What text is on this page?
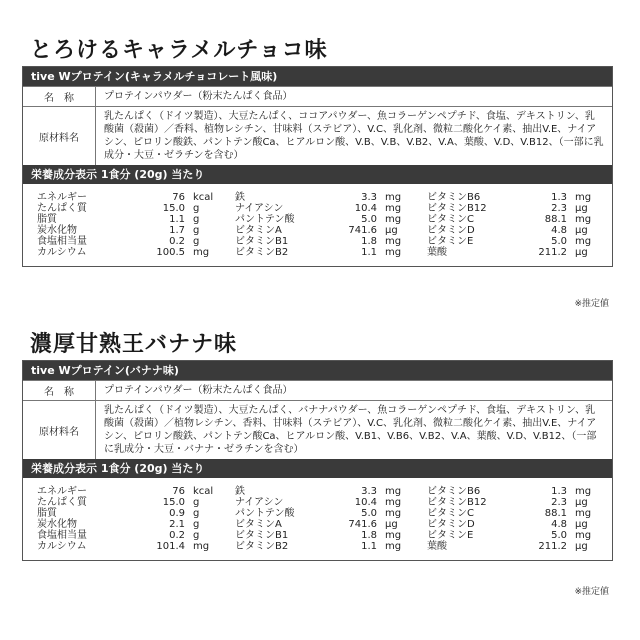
とろけるキャラメルチョコ味
tive Wプロテイン(キャラメルチョコレート風味)
名　称	プロテインパウダー（粉末たんぱく食品）
原材料名
乳たんぱく（ドイツ製造）、大豆たんぱく、ココアパウダー、魚コラーゲンペプチド、食塩、デキストリン、乳酸菌（殺菌）／香料、植物レシチン、甘味料（ステビア）、V.C、乳化剤、微粒二酸化ケイ素、抽出V.E、ナイア シン、ピロリン酸鉄、パントテン酸Ca、ヒアルロン酸、V.B、V.B、V.B2、V.A、葉酸、V.D、V.B12、（一部に乳成分・大豆・ゼラチンを含む）
栄養成分表示 1食分 (20g) 当たり
エネルギー	76 kcal
たんぱく質	15.0 g
脂質	1.1 g
炭水化物	1.7 g
食塩相当量	0.2 g
カルシウム	100.5 mg
鉄	3.3 mg
ナイアシン	10.4 mg
パントテン酸	5.0 mg
ビタミンA	741.6 μg
ビタミンB1	1.8 mg
ビタミンB2	1.1 mg
ビタミンB6	1.3 mg
ビタミンB12	2.3 μg
ビタミンC	88.1 mg
ビタミンD	4.8 μg
ビタミンE	5.0 mg
葉酸	211.2 μg
※推定値
濃厚甘熟王バナナ味
tive Wプロテイン(バナナ味)
名　称	プロテインパウダー（粉末たんぱく食品）
原材料名
乳たんぱく（ドイツ製造）、大豆たんぱく、バナナパウダー、魚コラーゲンペプチド、食塩、デキストリン、乳酸菌（殺菌）／植物レシチン、香料、甘味料（ステビア）、V.C、乳化剤、微粒二酸化ケイ素、抽出V.E、ナイアシン、ピロリン酸鉄、パントテン酸Ca、ヒアルロン酸、V.B1、V.B6、V.B2、V.A、葉酸、V.D、V.B12、（一部に乳成分・大豆・バナナ・ゼラチンを含む）
栄養成分表示 1食分 (20g) 当たり
エネルギー	76 kcal
たんぱく質	15.0 g
脂質	0.9 g
炭水化物	2.1 g
食塩相当量	0.2 g
カルシウム	101.4 mg
鉄	3.3 mg
ナイアシン	10.4 mg
パントテン酸	5.0 mg
ビタミンA	741.6 μg
ビタミンB1	1.8 mg
ビタミンB2	1.1 mg
ビタミンB6	1.3 mg
ビタミンB12	2.3 μg
ビタミンC	88.1 mg
ビタミンD	4.8 μg
ビタミンE	5.0 mg
葉酸	211.2 μg
※推定値
